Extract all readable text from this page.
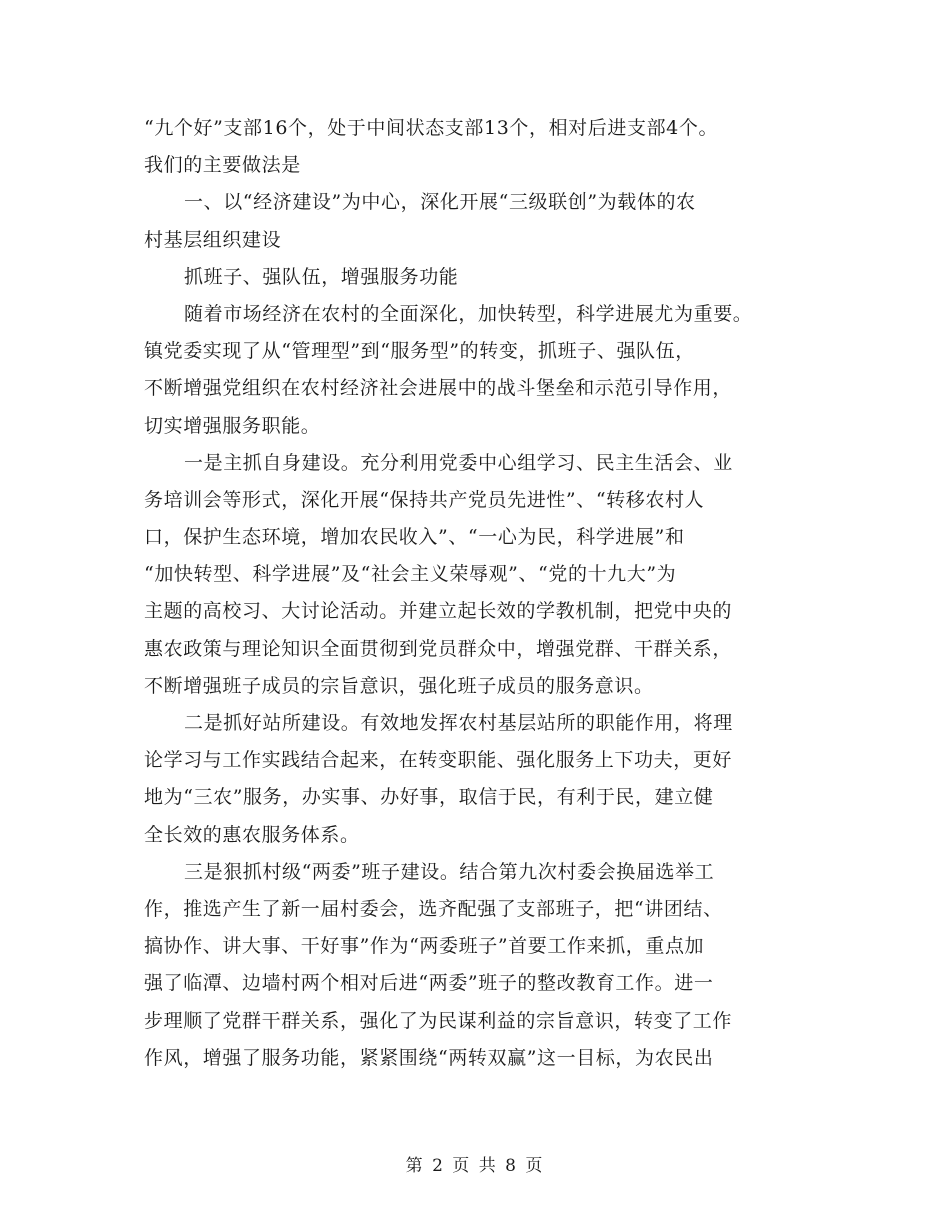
“九个好”支部16个，处于中间状态支部13个，相对后进支部4个。
我们的主要做法是
一、以“经济建设”为中心，深化开展“三级联创”为载体的农
村基层组织建设
抓班子、强队伍，增强服务功能
随着市场经济在农村的全面深化，加快转型，科学进展尤为重要。
镇党委实现了从“管理型”到“服务型”的转变，抓班子、强队伍，
不断增强党组织在农村经济社会进展中的战斗堡垒和示范引导作用，
切实增强服务职能。
一是主抓自身建设。充分利用党委中心组学习、民主生活会、业
务培训会等形式，深化开展“保持共产党员先进性”、“转移农村人
口，保护生态环境，增加农民收入”、“一心为民，科学进展”和
“加快转型、科学进展”及“社会主义荣辱观”、“党的十九大”为
主题的高校习、大讨论活动。并建立起长效的学教机制，把党中央的
惠农政策与理论知识全面贯彻到党员群众中，增强党群、干群关系，
不断增强班子成员的宗旨意识，强化班子成员的服务意识。
二是抓好站所建设。有效地发挥农村基层站所的职能作用，将理
论学习与工作实践结合起来，在转变职能、强化服务上下功夫，更好
地为“三农”服务，办实事、办好事，取信于民，有利于民，建立健
全长效的惠农服务体系。
三是狠抓村级“两委”班子建设。结合第九次村委会换届选举工
作，推选产生了新一届村委会，选齐配强了支部班子，把“讲团结、
搞协作、讲大事、干好事”作为“两委班子”首要工作来抓，重点加
强了临潭、边墙村两个相对后进“两委”班子的整改教育工作。进一
步理顺了党群干群关系，强化了为民谋利益的宗旨意识，转变了工作
作风，增强了服务功能，紧紧围绕“两转双赢”这一目标，为农民出
第 2 页 共 8 页
